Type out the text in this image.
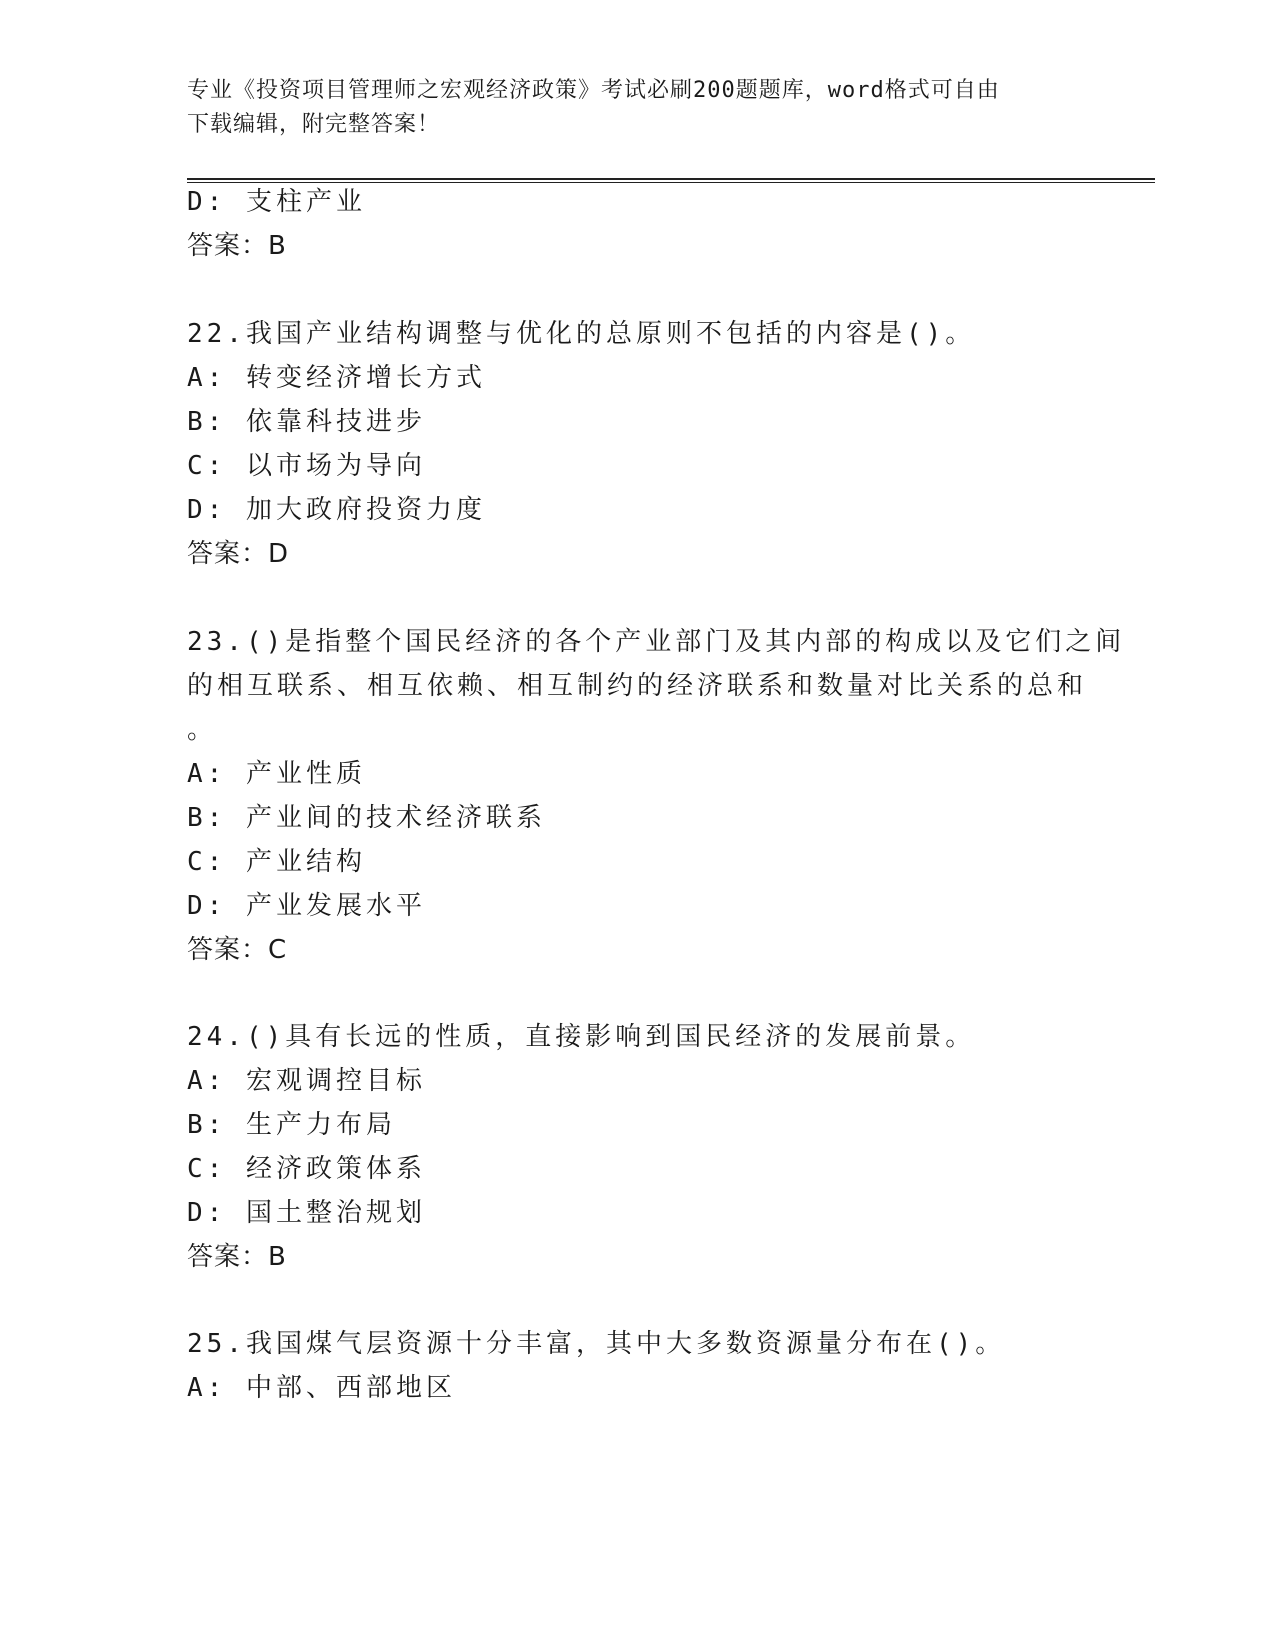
专业《投资项目管理师之宏观经济政策》考试必刷200题题库，word格式可自由
下载编辑，附完整答案！
D: 支柱产业
答案：B
22.我国产业结构调整与优化的总原则不包括的内容是()。
A: 转变经济增长方式
B: 依靠科技进步
C: 以市场为导向
D: 加大政府投资力度
答案：D
23.()是指整个国民经济的各个产业部门及其内部的构成以及它们之间
的相互联系、相互依赖、相互制约的经济联系和数量对比关系的总和
。
A: 产业性质
B: 产业间的技术经济联系
C: 产业结构
D: 产业发展水平
答案：C
24.()具有长远的性质，直接影响到国民经济的发展前景。
A: 宏观调控目标
B: 生产力布局
C: 经济政策体系
D: 国土整治规划
答案：B
25.我国煤气层资源十分丰富，其中大多数资源量分布在()。
A: 中部、西部地区
